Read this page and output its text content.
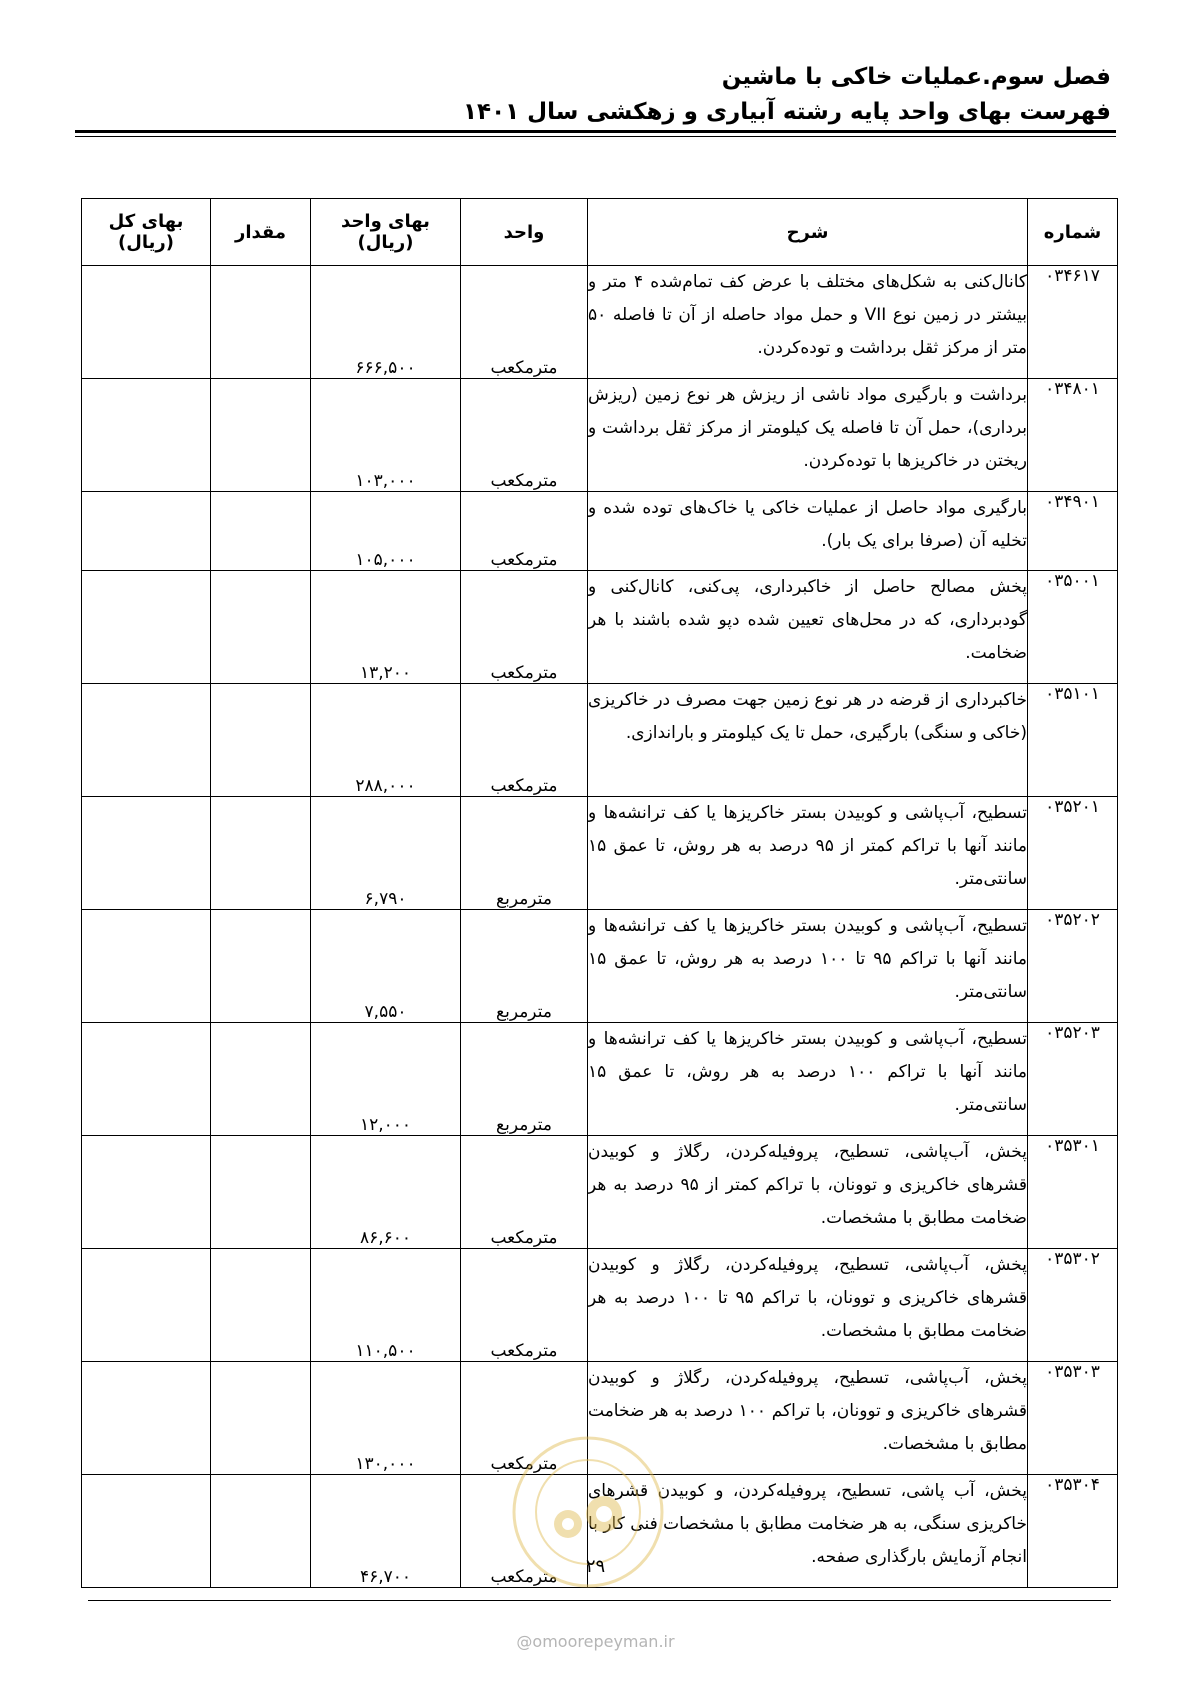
فصل سوم.عملیات خاکی با ماشین
فهرست بهای واحد پایه رشته آبیاری و زهکشی سال ۱۴۰۱
شماره	شرح	واحد	بهای واحد (ریال)	مقدار	بهای کل (ریال)
۰۳۴۶۱۷	کانال‌کنی به شکل‌های مختلف با عرض کف تمام‌شده ۴ متر و بیشتر در زمین نوع VII و حمل مواد حاصله از آن تا فاصله ۵۰ متر از مرکز ثقل برداشت و توده‌کردن.	مترمکعب	۶۶۶,۵۰۰		
۰۳۴۸۰۱	برداشت و بارگیری مواد ناشی از ریزش هر نوع زمین (ریزش برداری)، حمل آن تا فاصله یک کیلومتر از مرکز ثقل برداشت و ریختن در خاکریزها با توده‌کردن.	مترمکعب	۱۰۳,۰۰۰		
۰۳۴۹۰۱	بارگیری مواد حاصل از عملیات خاکی یا خاک‌های توده شده و تخلیه آن (صرفا برای یک بار).	مترمکعب	۱۰۵,۰۰۰		
۰۳۵۰۰۱	پخش مصالح حاصل از خاکبرداری، پی‌کنی، کانال‌کنی و گودبرداری، که در محل‌های تعیین شده دپو شده باشند با هر ضخامت.	مترمکعب	۱۳,۲۰۰		
۰۳۵۱۰۱	خاکبرداری از قرضه در هر نوع زمین جهت مصرف در خاکریزی (خاکی و سنگی) بارگیری، حمل تا یک کیلومتر و باراندازی.	مترمکعب	۲۸۸,۰۰۰		
۰۳۵۲۰۱	تسطیح، آب‌پاشی و کوبیدن بستر خاکریزها یا کف ترانشه‌ها و مانند آنها با تراکم کمتر از ۹۵ درصد به هر روش، تا عمق ۱۵ سانتی‌متر.	مترمربع	۶,۷۹۰		
۰۳۵۲۰۲	تسطیح، آب‌پاشی و کوبیدن بستر خاکریزها یا کف ترانشه‌ها و مانند آنها با تراکم ۹۵ تا ۱۰۰ درصد به هر روش، تا عمق ۱۵ سانتی‌متر.	مترمربع	۷,۵۵۰		
۰۳۵۲۰۳	تسطیح، آب‌پاشی و کوبیدن بستر خاکریزها یا کف ترانشه‌ها و مانند آنها با تراکم ۱۰۰ درصد به هر روش، تا عمق ۱۵ سانتی‌متر.	مترمربع	۱۲,۰۰۰		
۰۳۵۳۰۱	پخش، آب‌پاشی، تسطیح، پروفیله‌کردن، رگلاژ و کوبیدن قشرهای خاکریزی و توونان، با تراکم کمتر از ۹۵ درصد به هر ضخامت مطابق با مشخصات.	مترمکعب	۸۶,۶۰۰		
۰۳۵۳۰۲	پخش، آب‌پاشی، تسطیح، پروفیله‌کردن، رگلاژ و کوبیدن قشرهای خاکریزی و توونان، با تراکم ۹۵ تا ۱۰۰ درصد به هر ضخامت مطابق با مشخصات.	مترمکعب	۱۱۰,۵۰۰		
۰۳۵۳۰۳	پخش، آب‌پاشی، تسطیح، پروفیله‌کردن، رگلاژ و کوبیدن قشرهای خاکریزی و توونان، با تراکم ۱۰۰ درصد به هر ضخامت مطابق با مشخصات.	مترمکعب	۱۳۰,۰۰۰		
۰۳۵۳۰۴	پخش، آب پاشی، تسطیح، پروفیله‌کردن، و کوبیدن قشرهای خاکریزی سنگی، به هر ضخامت مطابق با مشخصات فنی کار با انجام آزمایش بارگذاری صفحه.	مترمکعب	۴۶,۷۰۰			۲۹
@omoorepeyman.ir
